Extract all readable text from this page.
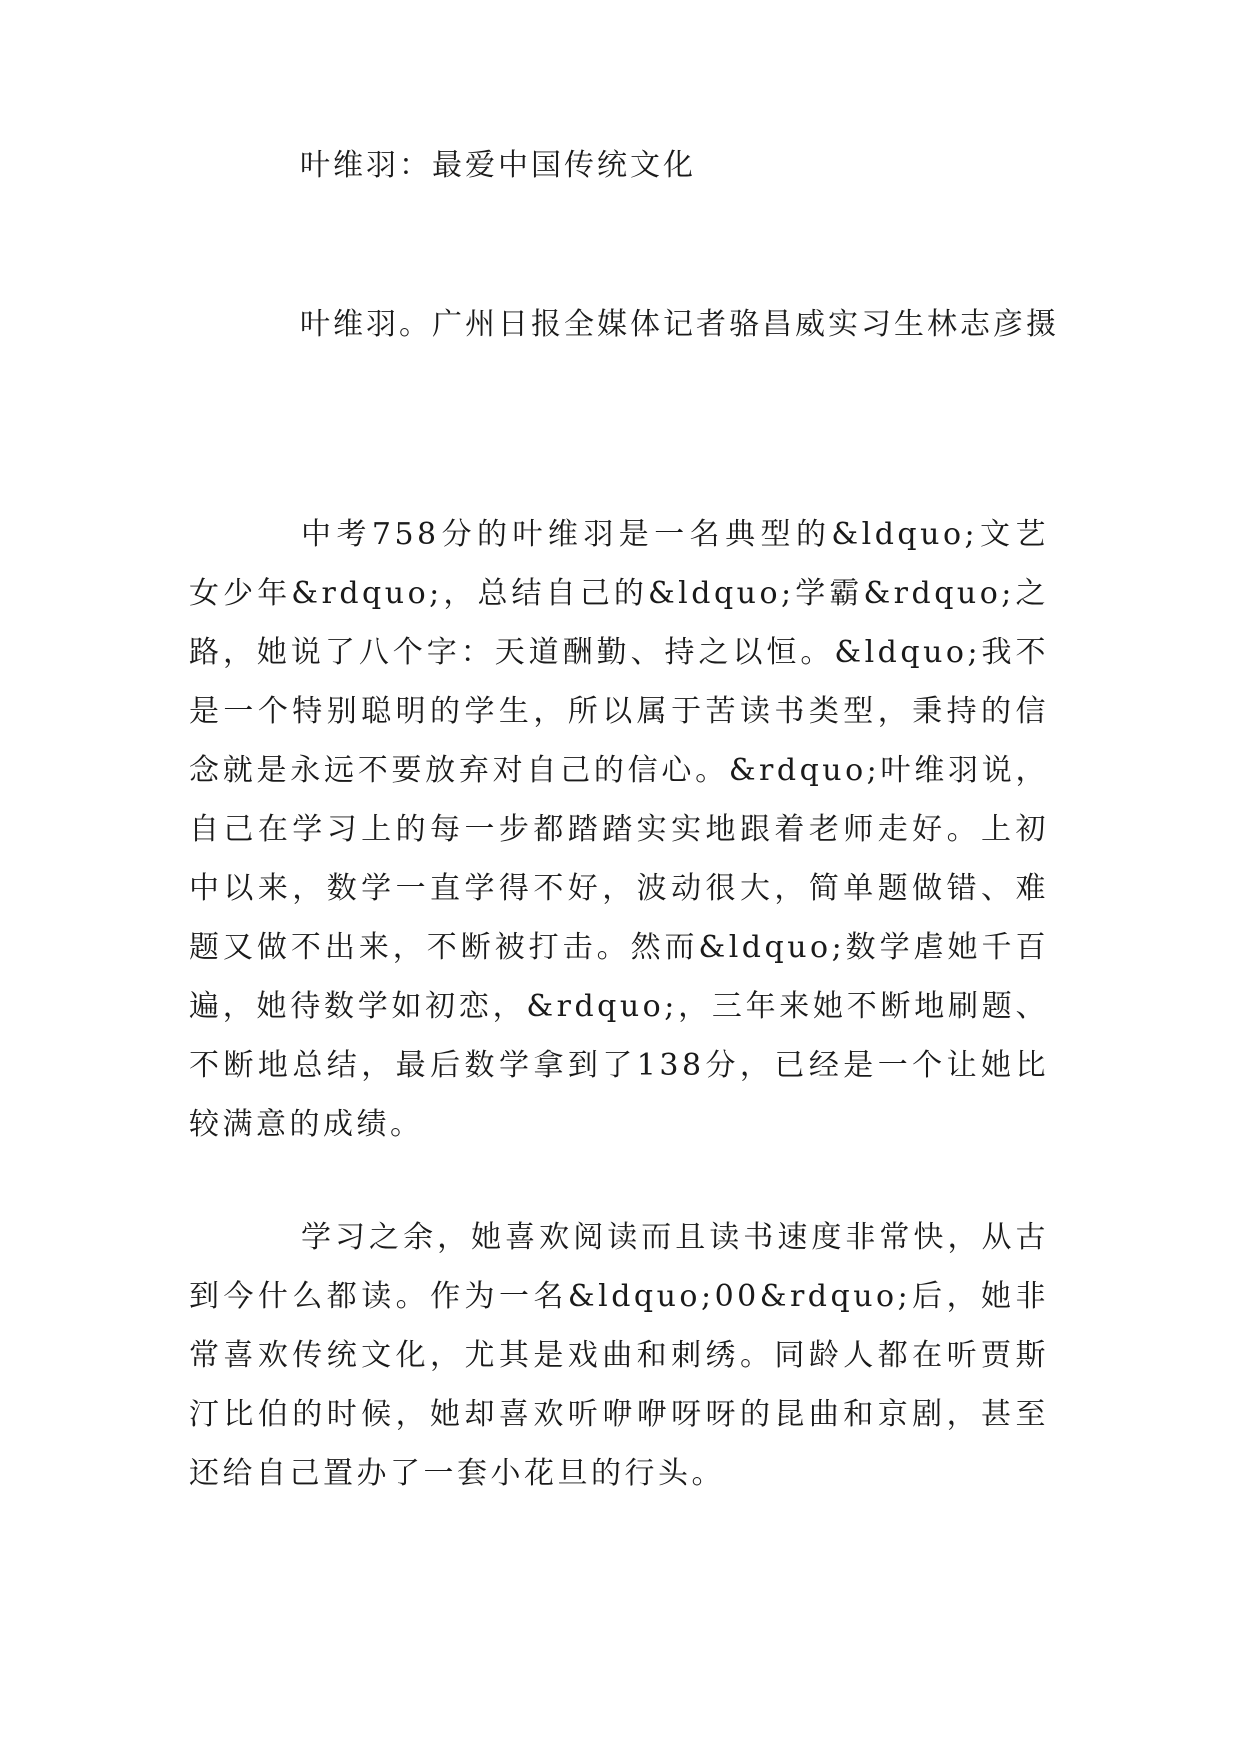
叶维羽：最爱中国传统文化
叶维羽。广州日报全媒体记者骆昌威实习生林志彦摄
中考758分的叶维羽是一名典型的&ldquo;文艺女少年&rdquo;，总结自己的&ldquo;学霸&rdquo;之路，她说了八个字：天道酬勤、持之以恒。&ldquo;我不是一个特别聪明的学生，所以属于苦读书类型，秉持的信念就是永远不要放弃对自己的信心。&rdquo;叶维羽说，自己在学习上的每一步都踏踏实实地跟着老师走好。上初中以来，数学一直学得不好，波动很大，简单题做错、难题又做不出来，不断被打击。然而&ldquo;数学虐她千百遍，她待数学如初恋，&rdquo;，三年来她不断地刷题、不断地总结，最后数学拿到了138分，已经是一个让她比较满意的成绩。
学习之余，她喜欢阅读而且读书速度非常快，从古到今什么都读。作为一名&ldquo;00&rdquo;后，她非常喜欢传统文化，尤其是戏曲和刺绣。同龄人都在听贾斯汀比伯的时候，她却喜欢听咿咿呀呀的昆曲和京剧，甚至还给自己置办了一套小花旦的行头。
